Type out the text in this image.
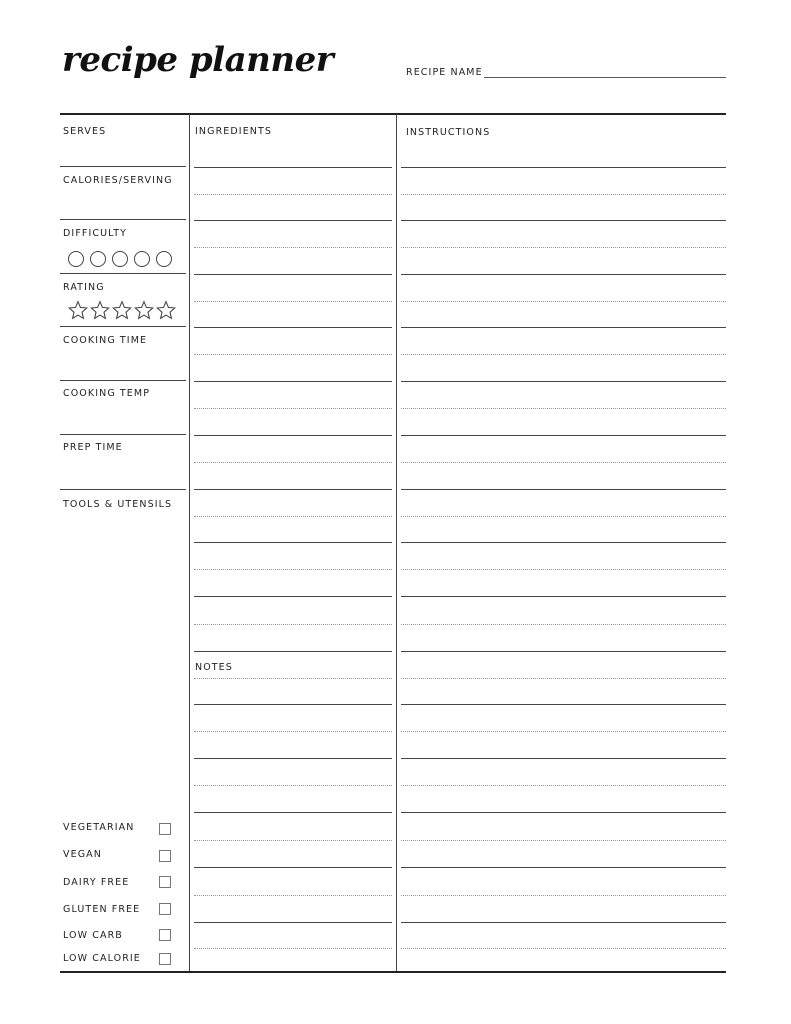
recipe planner	RECIPE NAME
SERVES
CALORIES/SERVING
DIFFICULTY
RATING
COOKING TIME
COOKING TEMP
PREP TIME
TOOLS & UTENSILS
VEGETARIAN
VEGAN
DAIRY FREE
GLUTEN FREE
LOW CARB
LOW CALORIE
INGREDIENTS
NOTES
INSTRUCTIONS
